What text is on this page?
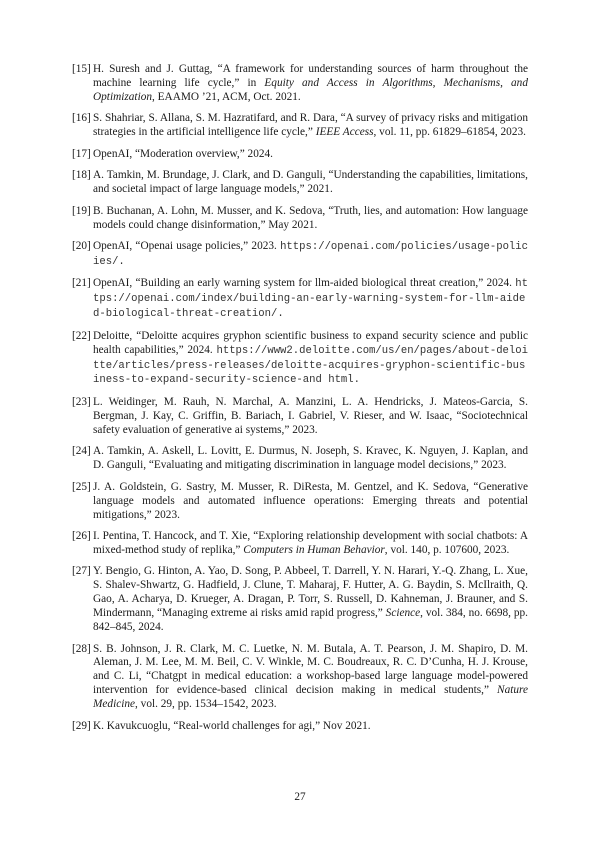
[15] H. Suresh and J. Guttag, “A framework for understanding sources of harm throughout the machine learning life cycle,” in Equity and Access in Algorithms, Mechanisms, and Optimization, EAAMO ’21, ACM, Oct. 2021.
[16] S. Shahriar, S. Allana, S. M. Hazratifard, and R. Dara, “A survey of privacy risks and mitigation strategies in the artificial intelligence life cycle,” IEEE Access, vol. 11, pp. 61829–61854, 2023.
[17] OpenAI, “Moderation overview,” 2024.
[18] A. Tamkin, M. Brundage, J. Clark, and D. Ganguli, “Understanding the capabilities, limitations, and societal impact of large language models,” 2021.
[19] B. Buchanan, A. Lohn, M. Musser, and K. Sedova, “Truth, lies, and automation: How language models could change disinformation,” May 2021.
[20] OpenAI, “Openai usage policies,” 2023. https://openai.com/policies/usage-policies/.
[21] OpenAI, “Building an early warning system for llm-aided biological threat creation,” 2024. https://openai.com/index/building-an-early-warning-system-for-llm-aided-biological-threat-creation/.
[22] Deloitte, “Deloitte acquires gryphon scientific business to expand security science and public health capabilities,” 2024. https://www2.deloitte.com/us/en/pages/about-deloitte/articles/press-releases/deloitte-acquires-gryphon-scientific-business-to-expand-security-science-and html.
[23] L. Weidinger, M. Rauh, N. Marchal, A. Manzini, L. A. Hendricks, J. Mateos-Garcia, S. Bergman, J. Kay, C. Griffin, B. Bariach, I. Gabriel, V. Rieser, and W. Isaac, “Sociotechnical safety evaluation of generative ai systems,” 2023.
[24] A. Tamkin, A. Askell, L. Lovitt, E. Durmus, N. Joseph, S. Kravec, K. Nguyen, J. Kaplan, and D. Ganguli, “Evaluating and mitigating discrimination in language model decisions,” 2023.
[25] J. A. Goldstein, G. Sastry, M. Musser, R. DiResta, M. Gentzel, and K. Sedova, “Generative language models and automated influence operations: Emerging threats and potential mitigations,” 2023.
[26] I. Pentina, T. Hancock, and T. Xie, “Exploring relationship development with social chatbots: A mixed-method study of replika,” Computers in Human Behavior, vol. 140, p. 107600, 2023.
[27] Y. Bengio, G. Hinton, A. Yao, D. Song, P. Abbeel, T. Darrell, Y. N. Harari, Y.-Q. Zhang, L. Xue, S. Shalev-Shwartz, G. Hadfield, J. Clune, T. Maharaj, F. Hutter, A. G. Baydin, S. McIlraith, Q. Gao, A. Acharya, D. Krueger, A. Dragan, P. Torr, S. Russell, D. Kahneman, J. Brauner, and S. Mindermann, “Managing extreme ai risks amid rapid progress,” Science, vol. 384, no. 6698, pp. 842–845, 2024.
[28] S. B. Johnson, J. R. Clark, M. C. Luetke, N. M. Butala, A. T. Pearson, J. M. Shapiro, D. M. Aleman, J. M. Lee, M. M. Beil, C. V. Winkle, M. C. Boudreaux, R. C. D’Cunha, H. J. Krouse, and C. Li, “Chatgpt in medical education: a workshop-based large language model-powered intervention for evidence-based clinical decision making in medical students,” Nature Medicine, vol. 29, pp. 1534–1542, 2023.
[29] K. Kavukcuoglu, “Real-world challenges for agi,” Nov 2021.
27
